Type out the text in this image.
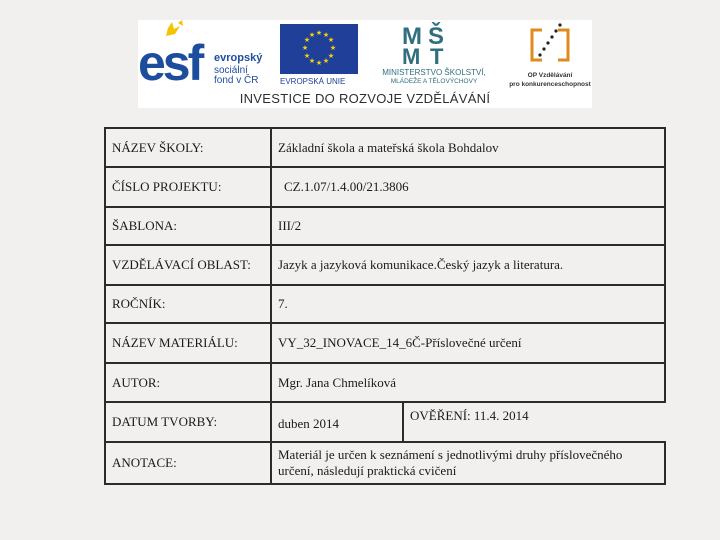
esf	evropský
sociální
fond v ČR
★ ★
★
★
★
★
★
★
★
★
★
★
EVROPSKÁ UNIE
M Š
M T
MINISTERSTVO ŠKOLSTVÍ,
MLÁDEŽE A TĚLOVÝCHOVY
OP Vzdělávání
pro konkurenceschopnost
INVESTICE DO ROZVOJE VZDĚLÁVÁNÍ
NÁZEV ŠKOLY:	Základní škola a mateřská škola Bohdalov	
ČÍSLO PROJEKTU:	CZ.1.07/1.4.00/21.3806	
ŠABLONA:	III/2	
VZDĚLÁVACÍ OBLAST:	Jazyk a jazyková komunikace.Český jazyk a literatura.	
ROČNÍK:	7.	
NÁZEV MATERIÁLU:	VY_32_INOVACE_14_6Č-Příslovečné určení	
AUTOR:	Mgr. Jana Chmelíková	
DATUM TVORBY:	duben 2014	OVĚŘENÍ: 11.4. 2014
ANOTACE:	Materiál je určen k seznámení s jednotlivými druhy příslovečného určení, následují praktická cvičení	
